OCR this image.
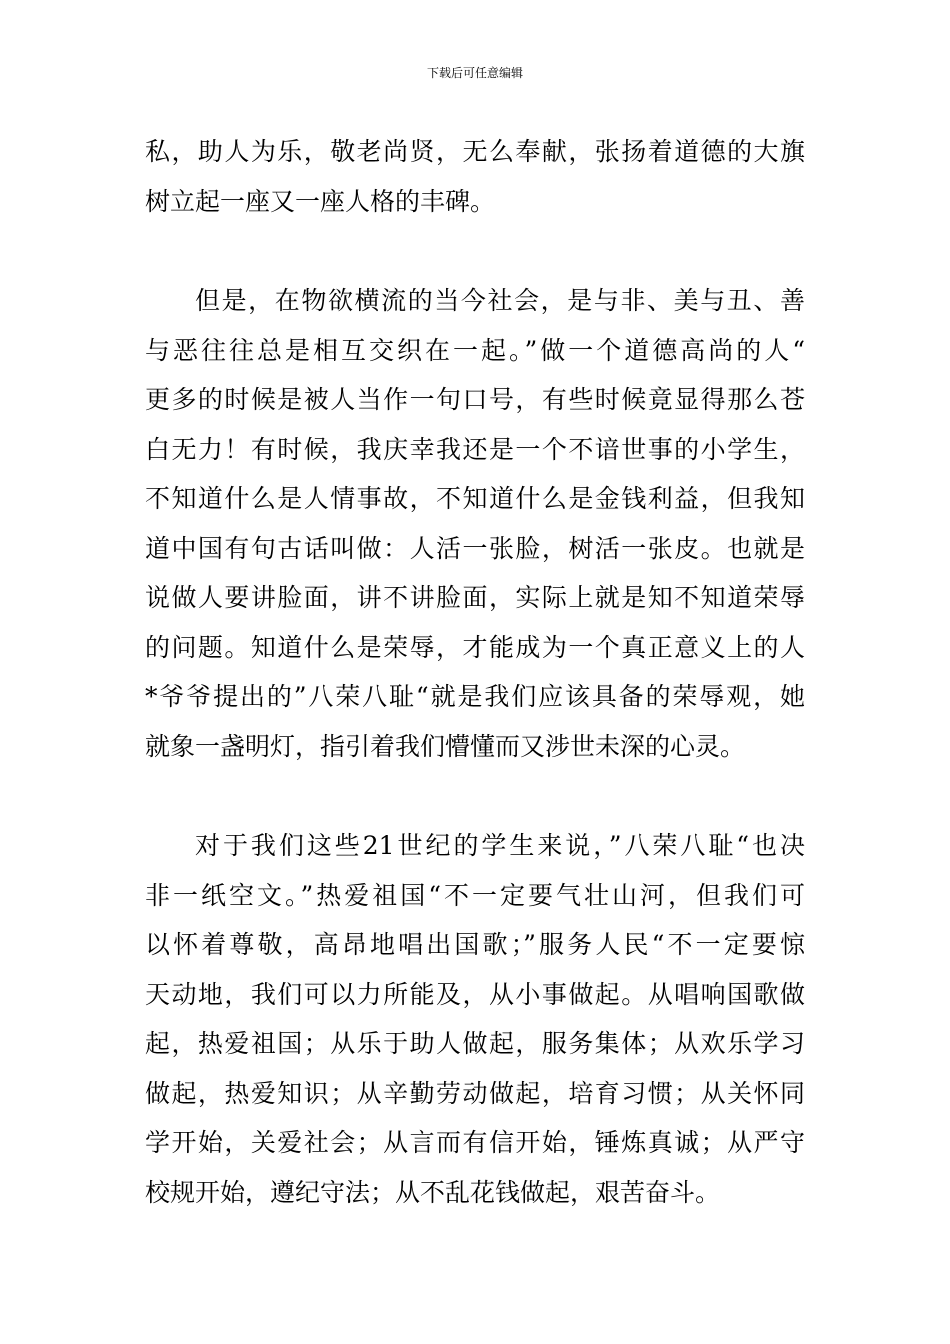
下载后可任意编辑
私，助人为乐，敬老尚贤，无么奉献，张扬着道德的大旗
树立起一座又一座人格的丰碑。
但是，在物欲横流的当今社会，是与非、美与丑、善
与恶往往总是相互交织在一起。”做一个道德高尚的人“
更多的时候是被人当作一句口号，有些时候竟显得那么苍
白无力！有时候，我庆幸我还是一个不谙世事的小学生，
不知道什么是人情事故，不知道什么是金钱利益，但我知
道中国有句古话叫做：人活一张脸，树活一张皮。也就是
说做人要讲脸面，讲不讲脸面，实际上就是知不知道荣辱
的问题。知道什么是荣辱，才能成为一个真正意义上的人
*爷爷提出的”八荣八耻“就是我们应该具备的荣辱观，她
就象一盏明灯，指引着我们懵懂而又涉世未深的心灵。
对于我们这些21世纪的学生来说，”八荣八耻“也决
非一纸空文。”热爱祖国“不一定要气壮山河，但我们可
以怀着尊敬，高昂地唱出国歌；”服务人民“不一定要惊
天动地，我们可以力所能及，从小事做起。从唱响国歌做
起，热爱祖国；从乐于助人做起，服务集体；从欢乐学习
做起，热爱知识；从辛勤劳动做起，培育习惯；从关怀同
学开始，关爱社会；从言而有信开始，锤炼真诚；从严守
校规开始，遵纪守法；从不乱花钱做起，艰苦奋斗。
